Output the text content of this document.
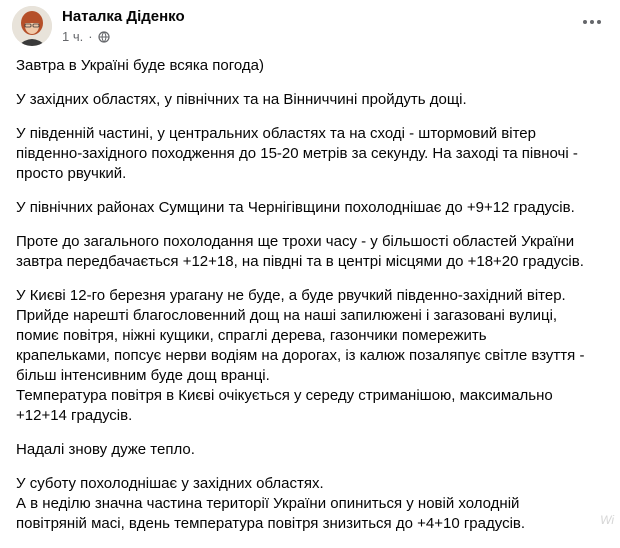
Наталка Діденко
1 ч. ·

Завтра в Україні буде всяка погода)

У західних областях, у північних та на Вінниччині пройдуть дощі.

У південній частині, у центральних областях та на сході - штормовий вітер
південно-західного походження до 15-20 метрів за секунду. На заході та півночі -
просто рвучкий.

У північних районах Сумщини та Чернігівщини похолоднішає до +9+12 градусів.

Проте до загального похолодання ще трохи часу - у більшості областей України
завтра передбачається +12+18, на півдні та в центрі місцями до +18+20 градусів.

У Києві 12-го березня урагану не буде, а буде рвучкий південно-західний вітер.
Прийде нарешті благословенний дощ на наші запилюжені і загазовані вулиці,
помиє повітря, ніжні кущики, спраглі дерева, газончики помережить
крапельками, попсує нерви водіям на дорогах, із калюж позаляпує світле взуття -
більш інтенсивним буде дощ вранці.
Температура повітря в Києві очікується у середу стриманішою, максимально
+12+14 градусів.

Надалі знову дуже тепло.

У суботу похолоднішає у західних областях.
А в неділю значна частина території України опиниться у новій холодній
повітряній масі, вдень температура повітря знизиться до +4+10 градусів.	Wi
